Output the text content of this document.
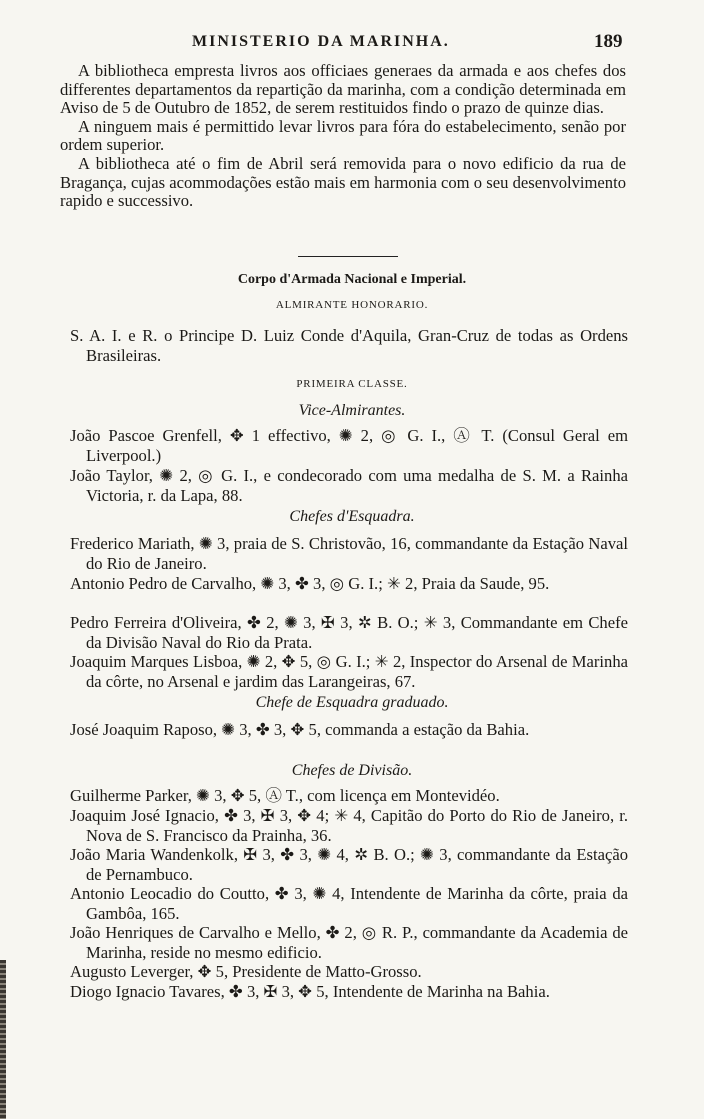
MINISTERIO DA MARINHA.	189

A bibliotheca empresta livros aos officiaes generaes da armada e aos chefes dos differentes departamentos da repartição da marinha, com a condição determinada em Aviso de 5 de Outubro de 1852, de serem restituidos findo o prazo de quinze dias.

A ninguem mais é permittido levar livros para fóra do estabelecimento, senão por ordem superior.

A bibliotheca até o fim de Abril será removida para o novo edificio da rua de Bragança, cujas acommodações estão mais em harmonia com o seu desenvolvimento rapido e successivo.

Corpo d'Armada Nacional e Imperial.
ALMIRANTE HONORARIO.
S. A. I. e R. o Principe D. Luiz Conde d'Aquila, Gran-Cruz de todas as Ordens Brasileiras.
PRIMEIRA CLASSE.
Vice-Almirantes.
João Pascoe Grenfell, ✥ 1 effectivo, ✺ 2, ◎ G. I., Ⓐ T. (Consul Geral em Liverpool.)
João Taylor, ✺ 2, ◎ G. I., e condecorado com uma medalha de S. M. a Rainha Victoria, r. da Lapa, 88.
Chefes d'Esquadra.
Frederico Mariath, ✺ 3, praia de S. Christovão, 16, commandante da Estação Naval do Rio de Janeiro.
Antonio Pedro de Carvalho, ✺ 3, ✤ 3, ◎ G. I.; ✳ 2, Praia da Saude, 95.
Pedro Ferreira d'Oliveira, ✤ 2, ✺ 3, ✠ 3, ✲ B. O.; ✳ 3, Commandante em Chefe da Divisão Naval do Rio da Prata.
Joaquim Marques Lisboa, ✺ 2, ✥ 5, ◎ G. I.; ✳ 2, Inspector do Arsenal de Marinha da côrte, no Arsenal e jardim das Larangeiras, 67.
Chefe de Esquadra graduado.
José Joaquim Raposo, ✺ 3, ✤ 3, ✥ 5, commanda a estação da Bahia.
Chefes de Divisão.
Guilherme Parker, ✺ 3, ✥ 5, Ⓐ T., com licença em Montevidéo.
Joaquim José Ignacio, ✤ 3, ✠ 3, ✥ 4; ✳ 4, Capitão do Porto do Rio de Janeiro, r. Nova de S. Francisco da Prainha, 36.
João Maria Wandenkolk, ✠ 3, ✤ 3, ✺ 4, ✲ B. O.; ✺ 3, commandante da Estação de Pernambuco.
Antonio Leocadio do Coutto, ✤ 3, ✺ 4, Intendente de Marinha da côrte, praia da Gambôa, 165.
João Henriques de Carvalho e Mello, ✤ 2, ◎ R. P., commandante da Academia de Marinha, reside no mesmo edificio.
Augusto Leverger, ✥ 5, Presidente de Matto-Grosso.
Diogo Ignacio Tavares, ✤ 3, ✠ 3, ✥ 5, Intendente de Marinha na Bahia.
